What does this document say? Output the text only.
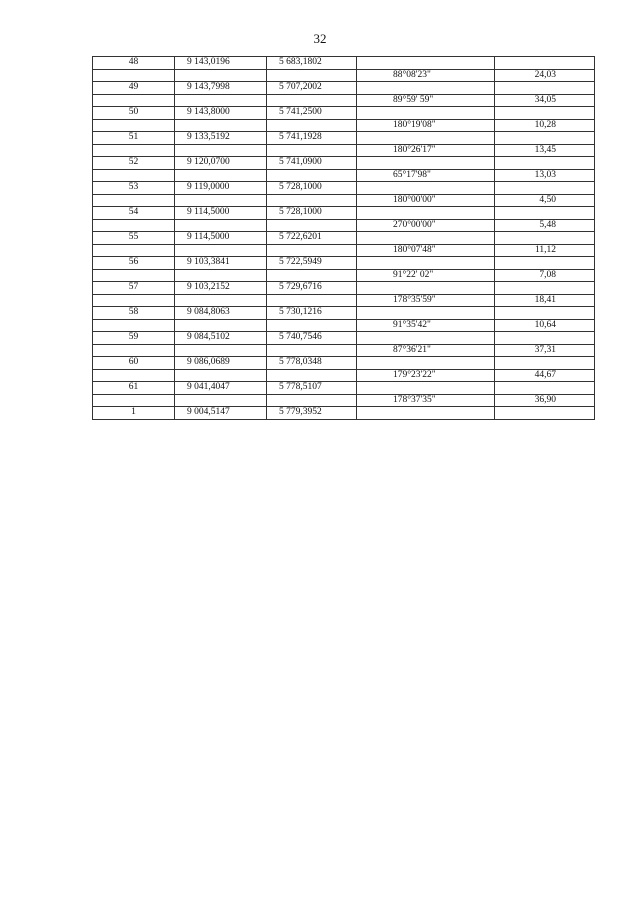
32
48	9 143,0196	5 683,1802		
			88°08'23"	24,03
49	9 143,7998	5 707,2002		
			89°59' 59"	34,05
50	9 143,8000	5 741,2500		
			180°19'08"	10,28
51	9 133,5192	5 741,1928		
			180°26'17"	13,45
52	9 120,0700	5 741,0900		
			65°17'98"	13,03
53	9 119,0000	5 728,1000		
			180°00'00"	4,50
54	9 114,5000	5 728,1000		
			270°00'00"	5,48
55	9 114,5000	5 722,6201		
			180°07'48"	11,12
56	9 103,3841	5 722,5949		
			91°22' 02"	7,08
57	9 103,2152	5 729,6716		
			178°35'59"	18,41
58	9 084,8063	5 730,1216		
			91°35'42"	10,64
59	9 084,5102	5 740,7546		
			87°36'21"	37,31
60	9 086,0689	5 778,0348		
			179°23'22"	44,67
61	9 041,4047	5 778,5107		
			178°37'35"	36,90
1	9 004,5147	5 779,3952		
